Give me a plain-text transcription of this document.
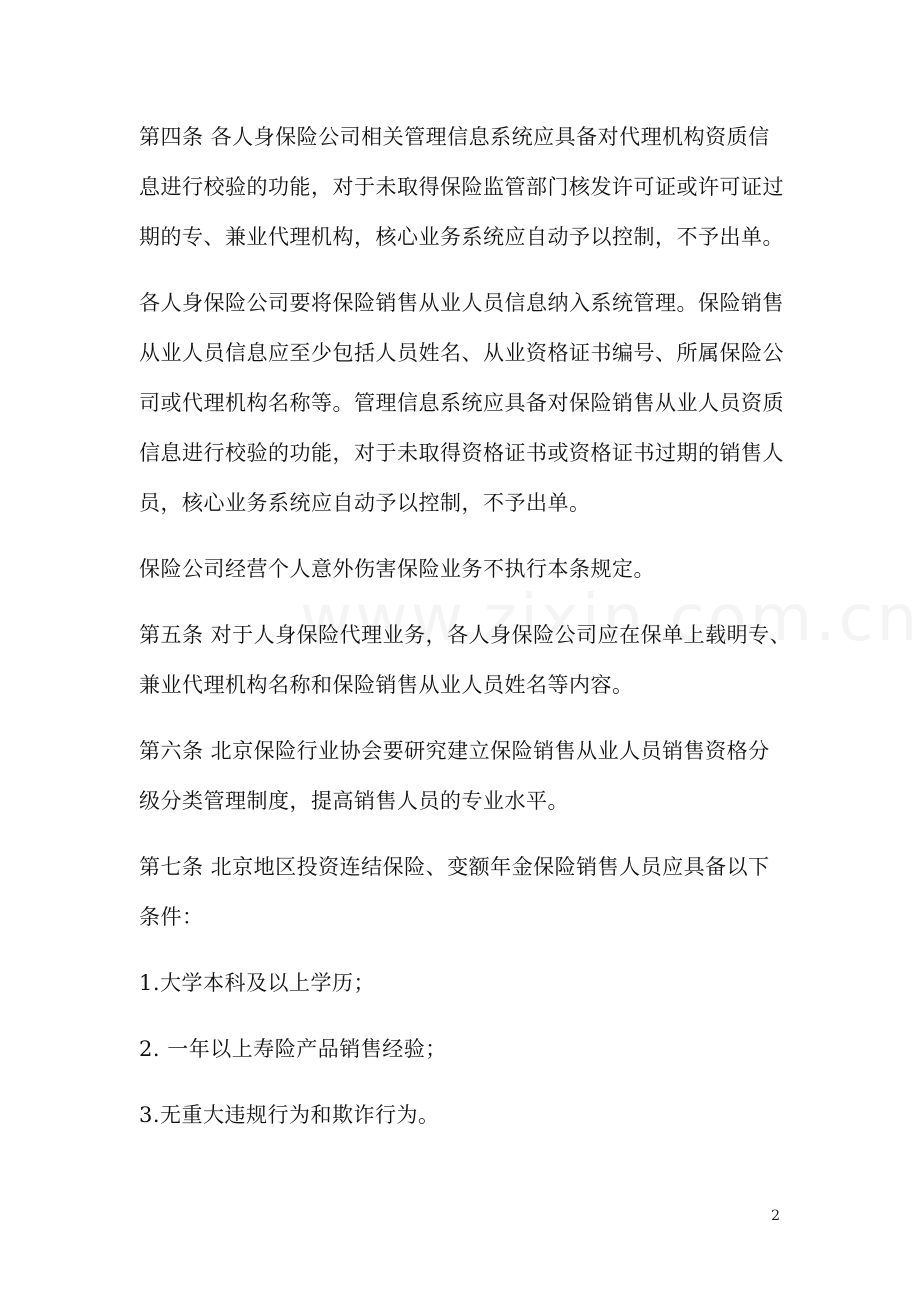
第四条 各人身保险公司相关管理信息系统应具备对代理机构资质信
息进行校验的功能，对于未取得保险监管部门核发许可证或许可证过
期的专、兼业代理机构，核心业务系统应自动予以控制，不予出单。

各人身保险公司要将保险销售从业人员信息纳入系统管理。保险销售
从业人员信息应至少包括人员姓名、从业资格证书编号、所属保险公
司或代理机构名称等。管理信息系统应具备对保险销售从业人员资质
信息进行校验的功能，对于未取得资格证书或资格证书过期的销售人
员，核心业务系统应自动予以控制，不予出单。

保险公司经营个人意外伤害保险业务不执行本条规定。

第五条 对于人身保险代理业务，各人身保险公司应在保单上载明专、
兼业代理机构名称和保险销售从业人员姓名等内容。

第六条 北京保险行业协会要研究建立保险销售从业人员销售资格分
级分类管理制度，提高销售人员的专业水平。

第七条 北京地区投资连结保险、变额年金保险销售人员应具备以下
条件：

1.大学本科及以上学历；

2. 一年以上寿险产品销售经验；

3.无重大违规行为和欺诈行为。

2
